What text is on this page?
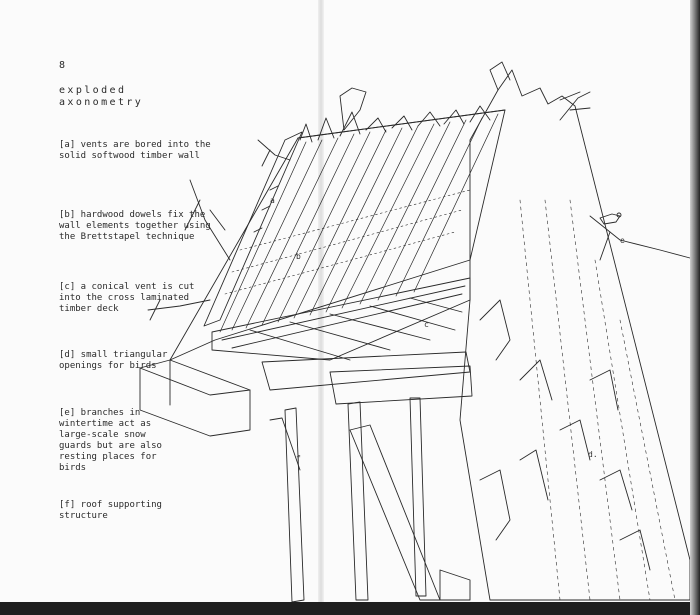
8
exploded
axonometry
[a] vents are bored into the
solid softwood timber wall
[b] hardwood dowels fix the
wall elements together using
the Brettstapel technique
[c] a conical vent is cut
into the cross laminated
timber deck
[d] small triangular
openings for birds
[e] branches in
wintertime act as
large-scale snow
guards but are also
resting places for
birds
[f] roof supporting
structure
a
b
c
d.
e
f
